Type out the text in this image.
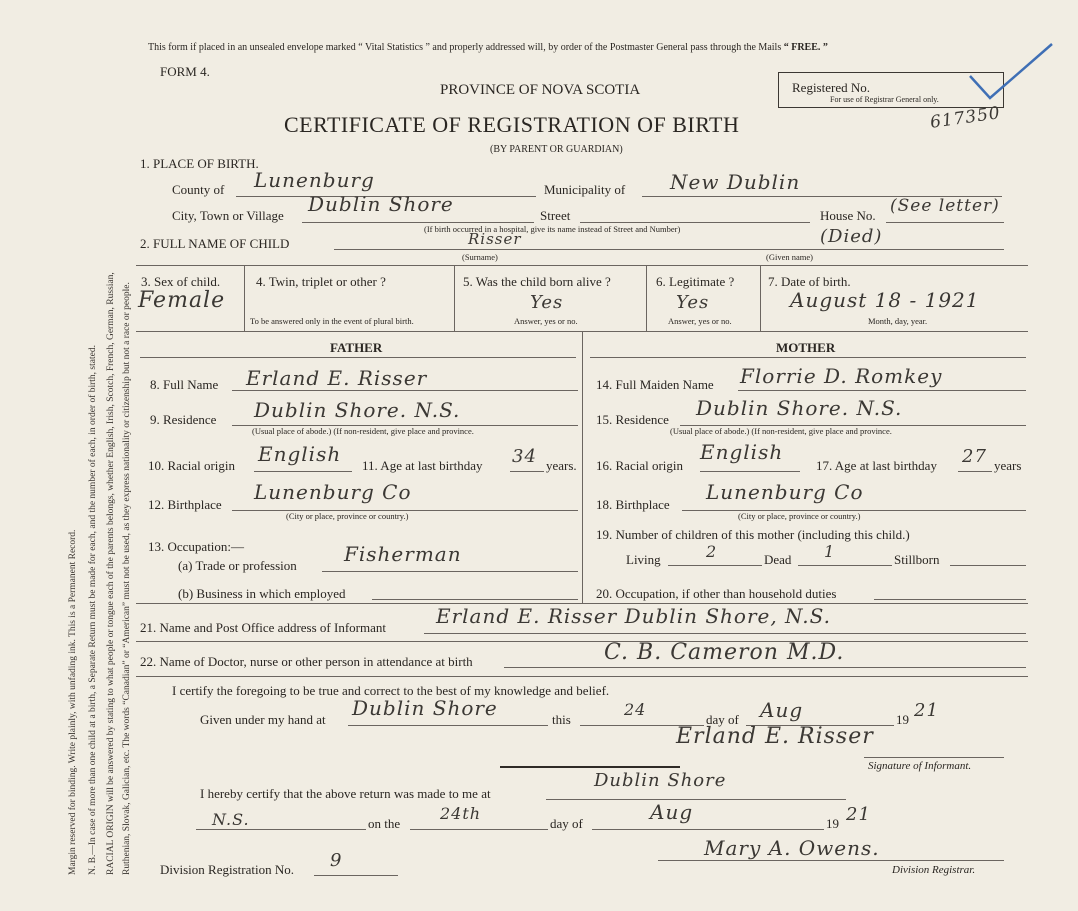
Margin reserved for binding. Write plainly, with unfading ink. This is a Permanent Record. N. B.—In case of more than one child at a birth, a Separate Return must be made for each, and the number of each, in order of birth, stated. RACIAL ORIGIN will be answered by stating to what people or tongue each of the parents belongs, whether English, Irish, Scotch, French, German, Russian, Ruthenian, Slovak, Galician, etc. The words “Canadian” or “American” must not be used, as they express nationality or citizenship but not a race or people.
This form if placed in an unsealed envelope marked “ Vital Statistics ” and properly addressed will, by order of the Postmaster General pass through the Mails “ FREE. ”
FORM 4.
PROVINCE OF NOVA SCOTIA
CERTIFICATE OF REGISTRATION OF BIRTH
(BY PARENT OR GUARDIAN)
Registered No.
For use of Registrar General only.
617350
1. PLACE OF BIRTH.
County of Lunenburg	Municipality of New Dublin
City, Town or Village Dublin Shore	Street
(If birth occurred in a hospital, give its name instead of Street and Number)
House No. (See letter)
2. FULL NAME OF CHILD	Risser
(Surname)
(Died)
(Given name)
3. Sex of child.
Female
4. Twin, triplet or other ?
To be answered only in the event of plural birth.
5. Was the child born alive ?
Yes
Answer, yes or no.
6. Legitimate ?
Yes
Answer, yes or no.
7. Date of birth.
August 18 - 1921
Month, day, year.
FATHER	MOTHER
8. Full Name Erland E. Risser
9. Residence Dublin Shore. N.S.
(Usual place of abode.) (If non-resident, give place and province.
10. Racial origin English 11. Age at last birthday 34 years.
12. Birthplace
Lunenburg Co
(City or place, province or country.)
13. Occupation:—
(a) Trade or profession Fisherman
(b) Business in which employed
14. Full Maiden Name Florrie D. Romkey
15. Residence Dublin Shore. N.S.
(Usual place of abode.) (If non-resident, give place and province.
16. Racial origin
English
17. Age at last birthday 27 years
18. Birthplace
Lunenburg Co
(City or place, province or country.)
19. Number of children of this mother (including this child.)
Living	2	Dead 1	Stillborn
20. Occupation, if other than household duties
21. Name and Post Office address of Informant	Erland E. Risser Dublin Shore, N.S.
22. Name of Doctor, nurse or other person in attendance at birth	C. B. Cameron M.D.
I certify the foregoing to be true and correct to the best of my knowledge and belief.
Given under my hand at Dublin Shore	this
24
day of Aug	19 21
Erland E. Risser
Signature of Informant.
I hereby certify that the above return was made to me at
Dublin Shore
N.S.	on the
24th
day of	Aug	19 21
Division Registration No. 9
Mary A. Owens.
Division Registrar.
